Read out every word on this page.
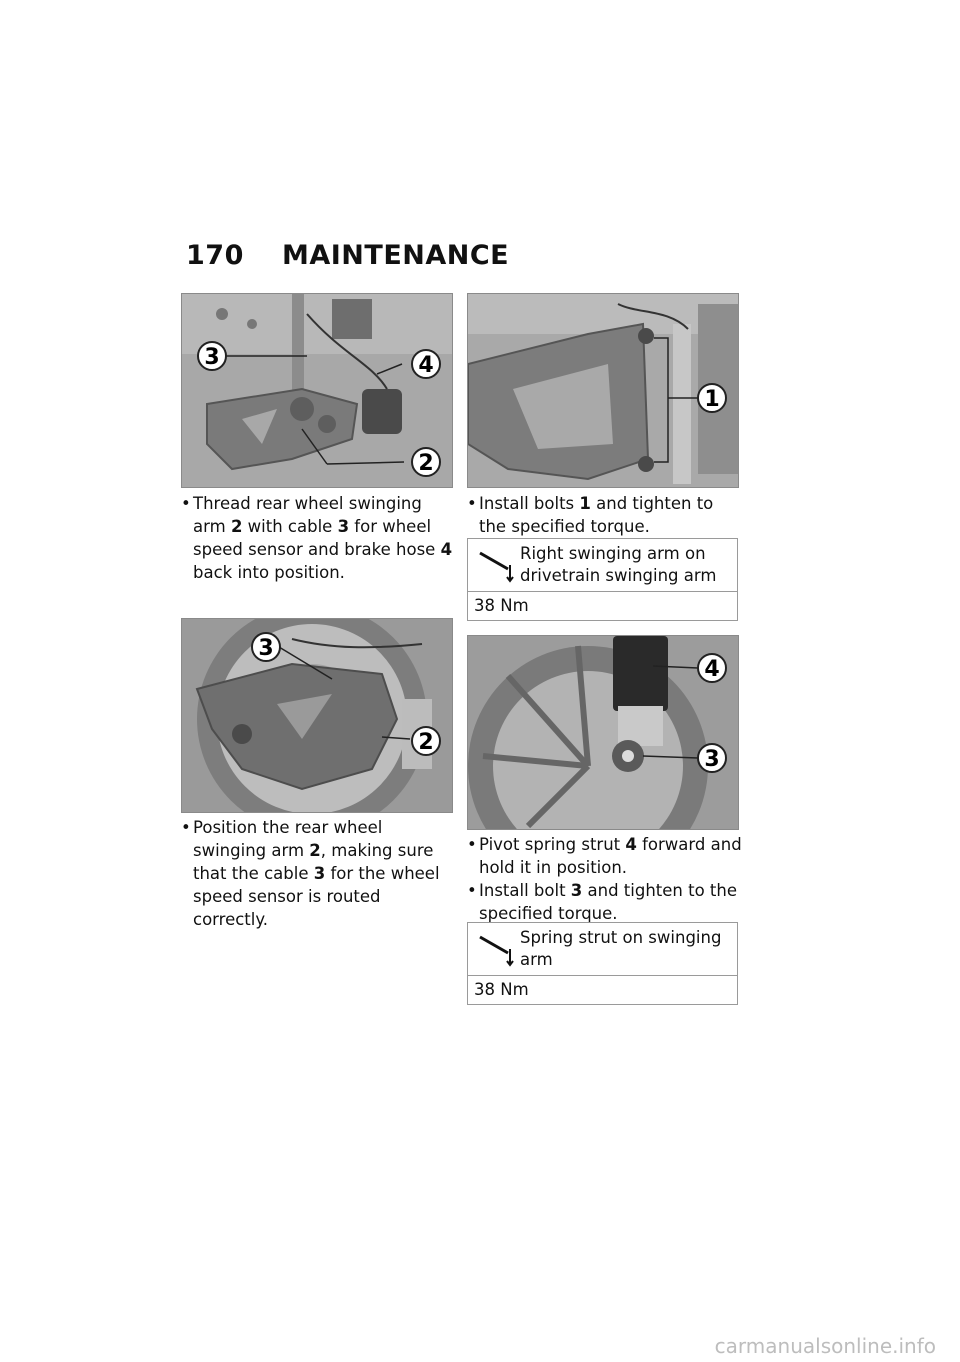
170 MAINTENANCE
3	4
2
• Thread rear wheel swinging arm 2 with cable 3 for wheel speed sensor and brake hose 4 back into position.
3
2
• Position the rear wheel swinging arm 2, making sure that the cable 3 for the wheel speed sensor is routed correctly.
1
• Install bolts 1 and tighten to the specified torque.
Right swinging arm on drivetrain swinging arm
38 Nm
4
3
• Pivot spring strut 4 forward and hold it in position.
• Install bolt 3 and tighten to the specified torque.
Spring strut on swinging arm
38 Nm
carmanualsonline.info
